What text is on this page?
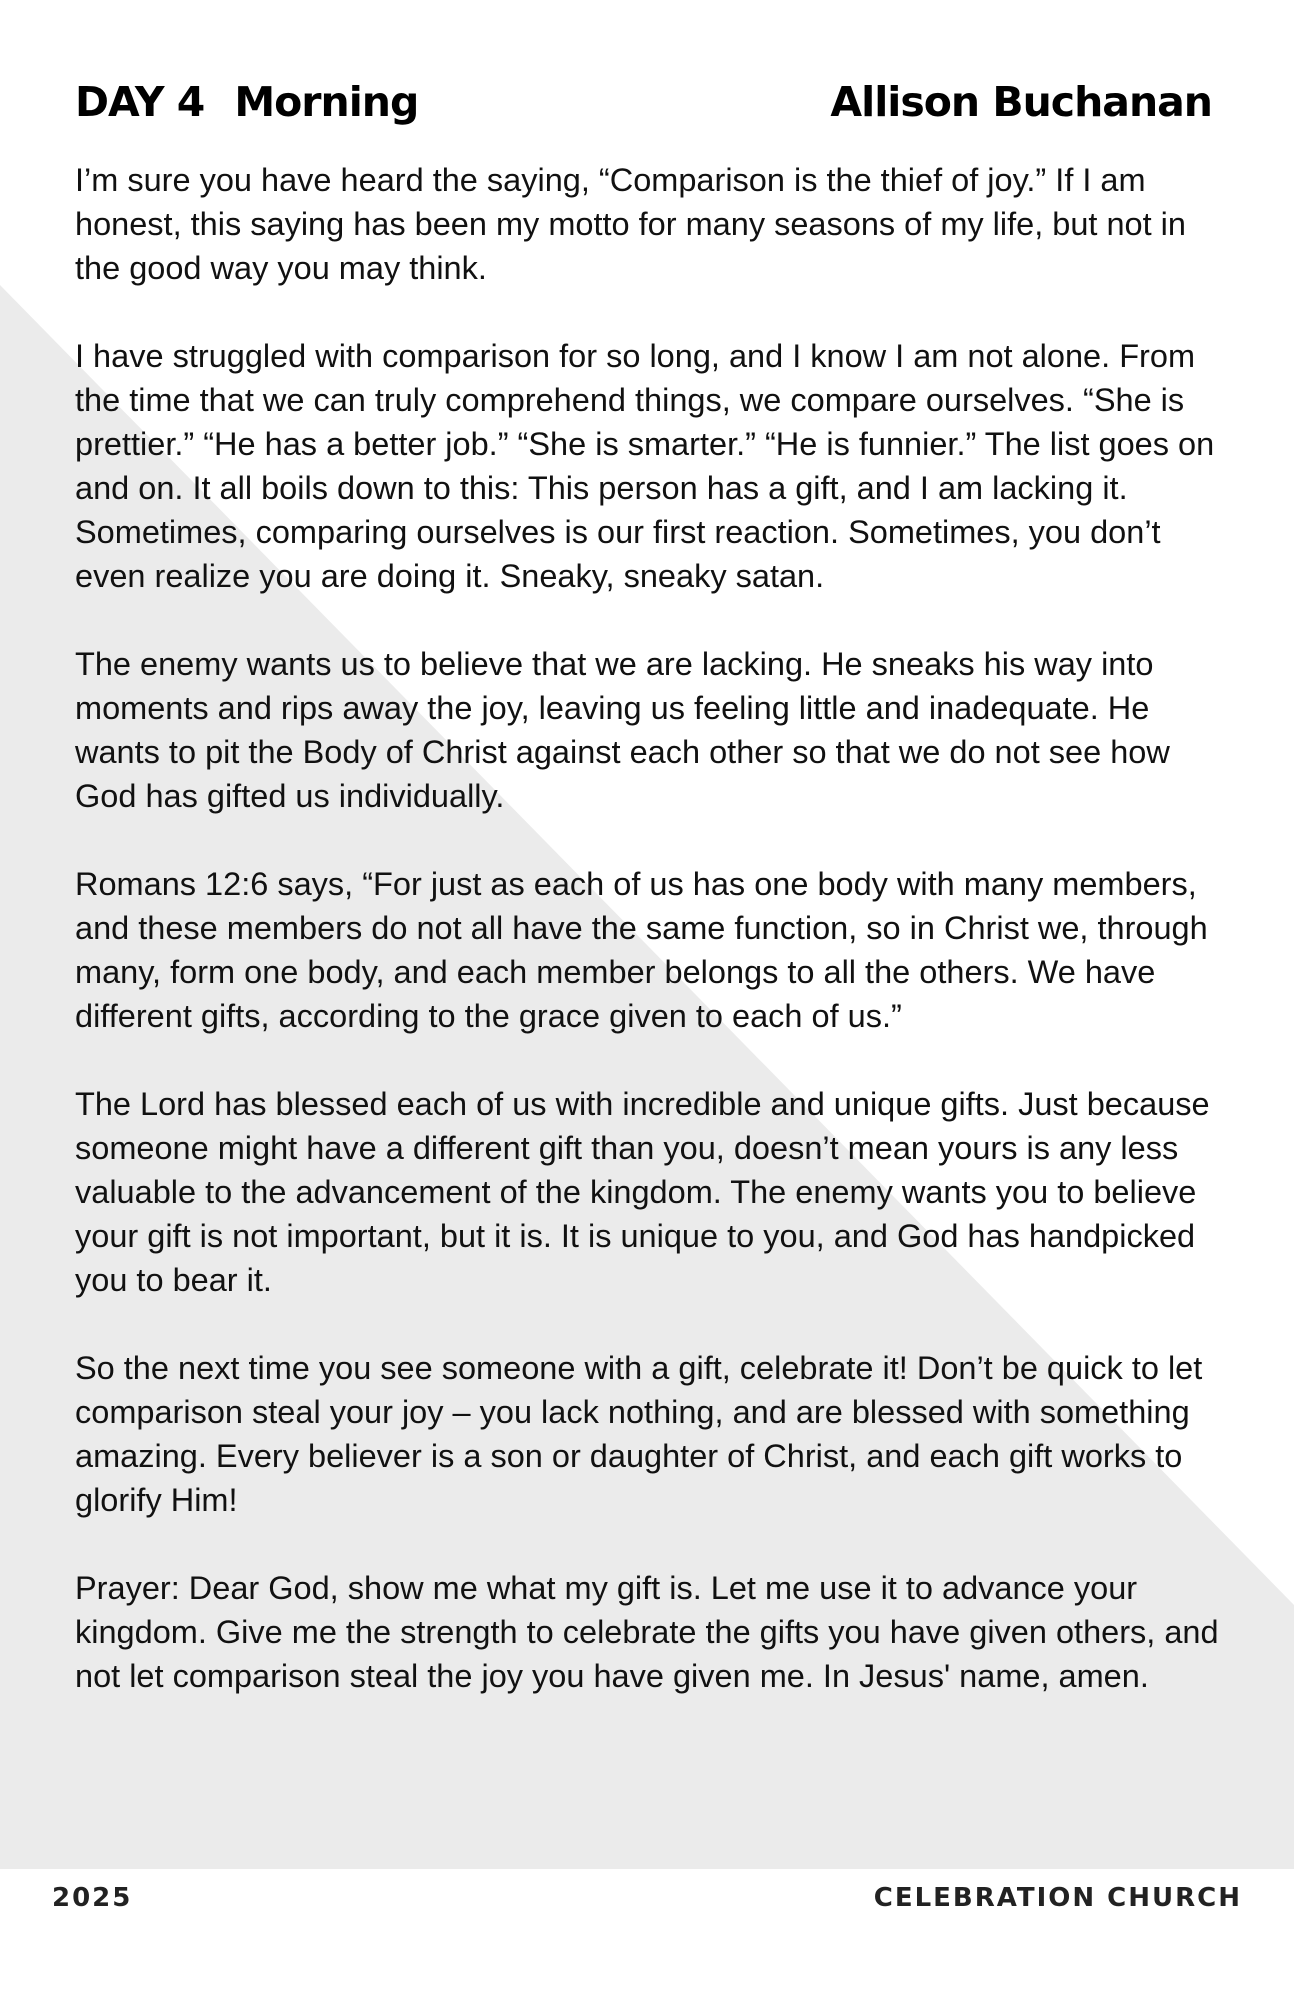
DAY 4 Morning	Allison Buchanan

I’m sure you have heard the saying, “Comparison is the thief of joy.” If I am honest, this saying has been my motto for many seasons of my life, but not in the good way you may think.

I have struggled with comparison for so long, and I know I am not alone. From the time that we can truly comprehend things, we compare ourselves. “She is prettier.” “He has a better job.” “She is smarter.” “He is funnier.” The list goes on and on. It all boils down to this: This person has a gift, and I am lacking it. Sometimes, comparing ourselves is our first reaction. Sometimes, you don’t even realize you are doing it. Sneaky, sneaky satan.

The enemy wants us to believe that we are lacking. He sneaks his way into moments and rips away the joy, leaving us feeling little and inadequate. He wants to pit the Body of Christ against each other so that we do not see how God has gifted us individually.

Romans 12:6 says, “For just as each of us has one body with many members, and these members do not all have the same function, so in Christ we, through many, form one body, and each member belongs to all the others. We have different gifts, according to the grace given to each of us.”

The Lord has blessed each of us with incredible and unique gifts. Just because someone might have a different gift than you, doesn’t mean yours is any less valuable to the advancement of the kingdom. The enemy wants you to believe your gift is not important, but it is. It is unique to you, and God has handpicked you to bear it.

So the next time you see someone with a gift, celebrate it! Don’t be quick to let comparison steal your joy – you lack nothing, and are blessed with something amazing. Every believer is a son or daughter of Christ, and each gift works to glorify Him!

Prayer: Dear God, show me what my gift is. Let me use it to advance your kingdom. Give me the strength to celebrate the gifts you have given others, and not let comparison steal the joy you have given me. In Jesus' name, amen.

2025	CELEBRATION CHURCH
